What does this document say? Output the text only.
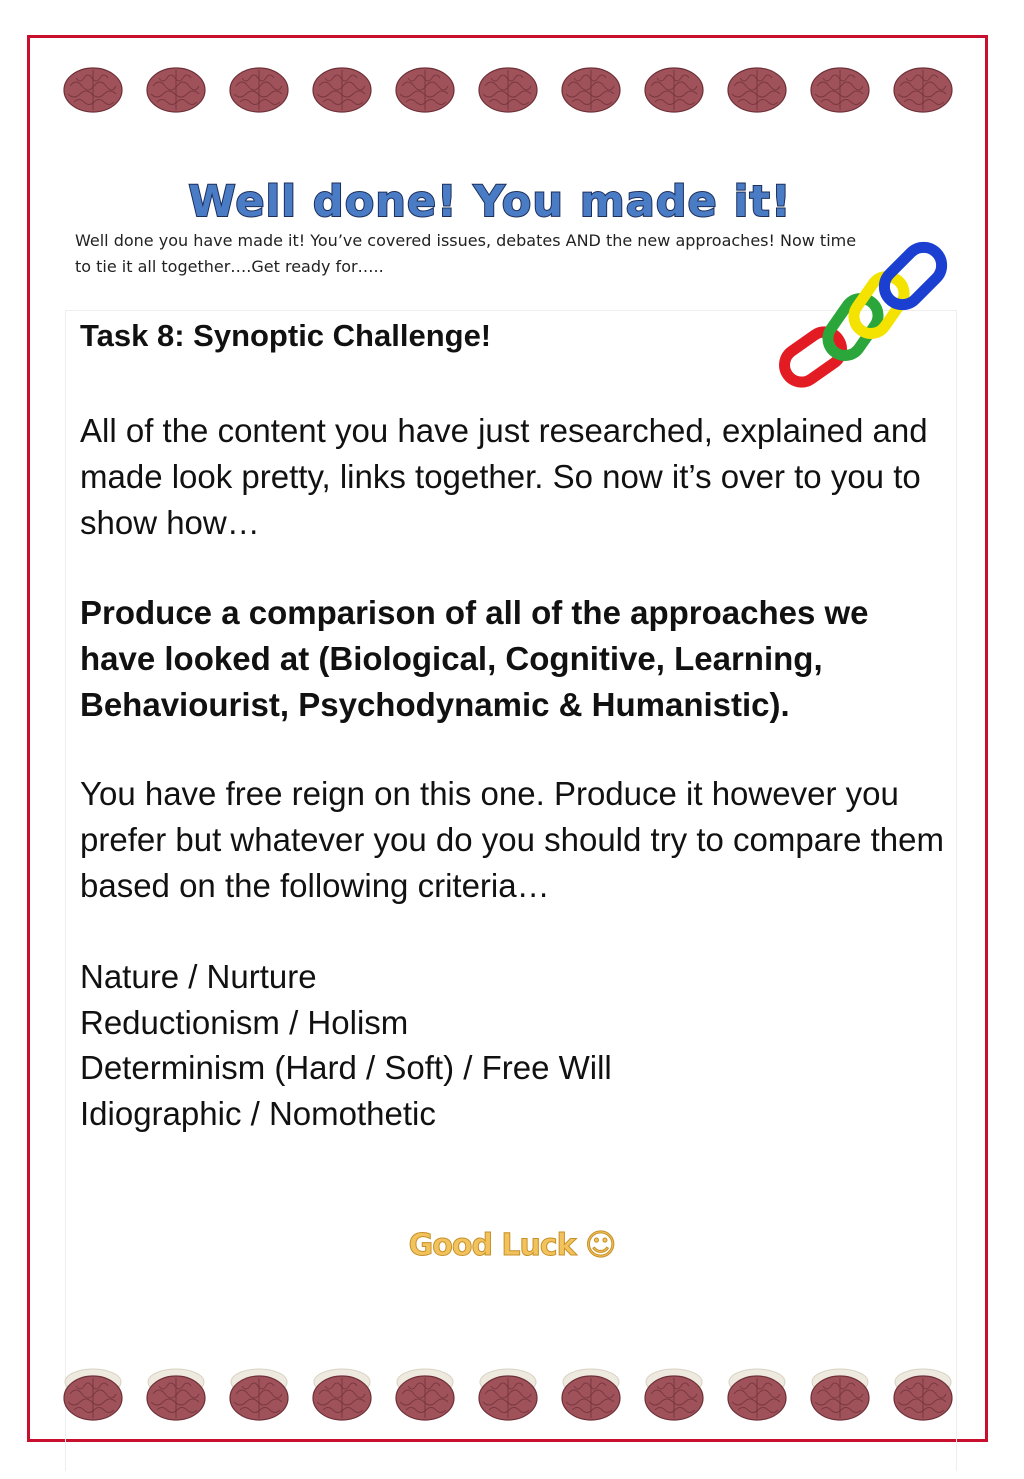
Well done! You made it!

Well done you have made it! You’ve covered issues, debates AND the new approaches! Now time to tie it all together….Get ready for…..

Task 8: Synoptic Challenge!

All of the content you have just researched, explained and made look pretty, links together. So now it’s over to you to show how…

Produce a comparison of all of the approaches we have looked at (Biological, Cognitive, Learning, Behaviourist, Psychodynamic & Humanistic).

You have free reign on this one. Produce it however you prefer but whatever you do you should try to compare them based on the following criteria…

Nature / Nurture
Reductionism / Holism
Determinism (Hard / Soft) / Free Will
Idiographic / Nomothetic
Good Luck ☺
